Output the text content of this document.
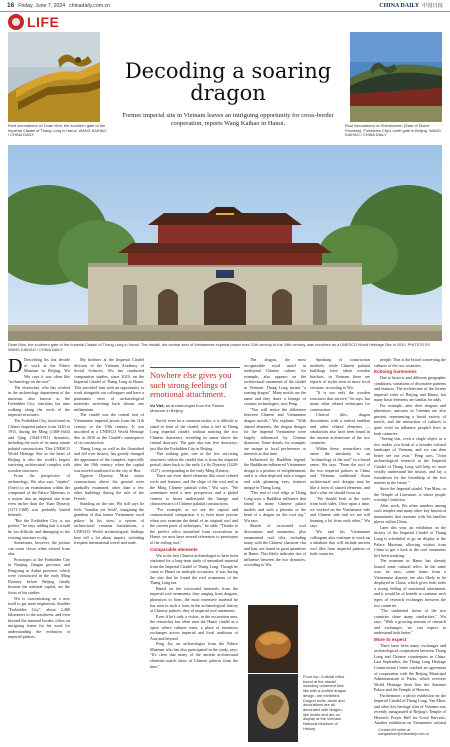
16 Friday, June 7, 2024 chinadaily.com.cn	CHINA DAILY 中国日报
LIFE
Roof decorations on Doan Mon, the southern gate of the Imperial Citadel of Thang Long in Hanoi. WANG KAIHAO / CHINA DAILY
Decoding a soaring dragon
Former imperial site in Vietnam leaves an intriguing opportunity for cross-border cooperation, reports Wang Kaihao in Hanoi.	Roof decorations on Shenwumen (Gate of Divine Prowess), Forbidden City's north gate in Beijing. WANG KAIHAO / CHINA DAILY
Doan Mon, the southern gate of the Imperial Citadel of Thang Long in Hanoi. The citadel, the central seat of Vietnamese imperial power from 11th century to the 19th century, was inscribed as a UNESCO World Heritage Site in 2010. PHOTOS BY WANG KAIHAO / CHINA DAILY

D Describing his last decade of work at the Palace Museum in Beijing, Wu Wei says it was often like "archaeology on the roof".

The researcher, who has worked in the archaeology department of the museum, also known as the Forbidden City, cherishes his time walking along the roofs of the imperial structures.

The Forbidden City, functioned as China's imperial palace from 1420 to 1911, during the Ming (1368-1644) and Qing (1644-1911) dynasties, including the roofs of its many ornate palatial constructions. This UNESCO World Heritage Site in the heart of Beijing is also the world's largest surviving architectural complex with wooden structures.

From the perspective of archaeology, Wu also says "repairs" (fixes) to an examination within the compound of the Palace Museum, is a reason that an imperial site from even earlier than the Yuan Dynasty (1271-1368) was probably buried beneath.

"But the Forbidden City is too perfect," he says, adding that it would be too difficult and damaging to the existing structure to dig.

Sometimes, however, the picture can come closer when viewed from afar.

Prototypes of the Forbidden City in Nanjing, Jiangsu province, and Fengyang in Anhui province, which were constructed in the early Ming Dynasty before Beijing finally became the national capital, are the focus of his studies.

Wu is concentrating on a new itself to get more inspiration. Another "Forbidden City", about 2,400 kilometers to the southwest, and even beyond the national border, offers an intriguing frame for his work for understanding the evolution of imperial palaces.

My brothers at the Imperial Citadel division of the Vietnam Academy of Social Sciences, Wu has conducted comparative studies, since 2019, on the Imperial Citadel of Thang Long in Hanoi. This provided him with an opportunity to work alongside our colleagues and have a panoramic view of archaeological materials stretching back almost one millennium.

The citadel was the central seat of Vietnamese imperial power from the 11th century to the 19th century. It was inscribed as a UNESCO World Heritage Site in 2010 as the Citadel's masterpiece of its construction.

Thang Long, as well as the flourished and fell over history, has greatly changed the appearance of the complex, especially after the 19th century when the capital was moved southward to the city of Hue.

Nguyen Dynasty. Most major constructions above the ground were gradually examined, other than a few other buildings during the rule of the French.

Standing on the site, Wu still says he feels "familiar yet fresh", imagining the grandeur of that former Vietnamese royal palace. In his view, a system of architectural remains foundations, a UNESCO World archaeological findings here tell a lot about impact, including frequent international travel and trade.

Nowhere else gives you such strong feelings of emotional attachment.
Vu Viet, an archaeologist from the Palace Museum in Beijing

Surely even for a common visitor, it is difficult to stand in front of the citadel, what is left in Thang Long imperial citadel, without noticing the two Chinese characters, revealing its name above the central doorway. The gate also has five doorways, just like the Forbidden City in Beijing.

This striking gate, one of the few surviving structures within the citadel that is from the imperial period, dates back to the early Le So Dynasty (1428-1527), corresponding to the early Ming Dynasty.

There are even dated elements like more refined roofs and features, and the slope of the roof and at the Ming Chinese palatial roles," Wu says. "We sometimes need a new perspective and a global context to better understand the lineage and characteristics of Chinese palatial constructions.

"For example, as we see the capital and constructional comparison it is even more precise when you examine the detail of an original roof and the current point of techniques," he adds. "Thanks to the perfect relics unearthed from excavations in Hanoi, we now have several references to prototypes of the ceiling roof."

Comparable elements

Wu is the first Chinese archaeologist to have been stationed for a long-term study of unearthed material from the Imperial Citadel of Thang Long. Though he came to Hanoi on multiple occasions, it was during the stay that he found the roof ornaments of the Thang Long era.

Based on the excavated materials from the imperial roof ornaments, they ranging from dragons, phoenixes to lions, the most extensive material he has seen in such a form in the archaeological history of Chinese palaces, they of imperial roof ornaments.

Even if he's only a visitor, in the excavation area, the researcher has often seen the Hanoi citadel as a space where cultures meet, a place of enormous exchanges across imperial and local traditions of Asia and beyond.

Peng Jia, an archaeologist from the Palace Museum who has also participated in the study, says: "It's clear that many of the ancient architectural elements match those of Chinese palaces from the time."

The dragon, the most recognizable royal motif in traditional Chinese culture, for example, also appears on the architectural ornaments of the citadel in Vietnam. Thang Long means "a soaring dragon". Many motifs are the same and they share a lineage of ceramic technologies, says Peng.

"You will notice the difference between Chinese and Vietnamese dragon motifs," Wu explains. "With shared elements, the dragon designs for the imperial Vietnamese were largely influenced by Chinese dynasties. Some details, for example, are unique to local preferences or interests at that time.

Influenced by Buddhist legend, the Buddhism-influenced Vietnamese design is a product of enlightenment, and it is often depicted with a tongue and with gleaming eyes, features unique to Thang Long.

"The end of roof ridge at Thang Long uses a Buddhist influence that found in many Chinese palace models and with a phoenix or the head of a dragon on the roof top," Wu says.

Shards of excavated roof decorations and ornaments, plus ornamented roof tiles, including many with the Chinese character chu and lian, are found in great quantities in Hanoi. This likely indicates ties of influence between the two dynasties, according to Wu.

From top: Cultural relics found at the citadel, including ornament tiles like with a crafted dragon design, are exhibited. Dragon roofs, ducts and decorations are all decorated with dragon-like motifs and are on display at the Vietnam National Museum of History.

Speaking of construction methods, while Chinese palatial buildings have taken wooden brackets, in Vietnam there are reports of styles seen in more local versions, according to Wu.

"It is not only the wooden structures that survive," he says, but many other related techniques for construction.

Clinical tiles, dragon decorations with a central emblem and other related elements — similarities also have been found in the ancient architecture of the two countries.

Within these, researchers can sense the similarity to an "archaeology of the roof" in a broad sense, Wu says. "From the roof of the two imperial palaces in China and Vietnam, traditional Asian architectural roof designs may be like a form of shared elements, and that's what we should focus on.

"We should look at the roofs from both sides. Once upon a time, we worked on the Vietnamese side and Chinese side and we are still learning a lot from each other," Wu says.

Wu and his Vietnamese colleagues also continue to work on a database that will include ancient roof tiles from imperial palaces of both countries.

people. That is the broad concerning the cultures of the two countries.

Echoing harmonies

Due to historic and different geographic conditions, variations of decorative patterns and features. The architecture of the former imperial cities of Beijing and Hanoi, but many basic elements are similar, he adds.

For example, after their dragons and phoenixes, unicorns in Vietnam are also present, representing a broad variety of motifs, and the interaction of cultures is quite vivid on influence people's lives in both countries.

"Seeing this, even a single object or a few makes you think of a broader cultural landscape of Vietnam, and we can then better see our own," Peng says. "Joint archaeological research at the Imperial Citadel of Thang Long will help us more vividly understand the history, and lay a foundation for the friendship of the two nations in the future."

Since the Imperial citadel, Van Mieu, or the Temple of Literature, is where people worship Confucius.

After work, Wu often wanders among such temples and many other key historical monuments that resonate with his familiar places within China.

Later this year, an exhibition on the history of the Imperial Citadel of Thang Long is scheduled to go on display at the Palace Museum, allowing visitors from China to get a look at the roof ornaments he's been studying.

The museum in Hanoi has already loaned some cultural relics. In the same way, he says, some items from a Vietnamese dynasty are also likely to be displayed in China, which gives both sides a strong feeling of emotional attachment, and it would be of benefit to continue such types of research exchanges between the two countries.

"The traditional forms of the two countries share many similarities," Wu says. "With a growing amount of research and exchanges, we can expect to understand both better."

More to expect

There have been many exchanges and archaeological cooperation between Thang Long and Chinese counterparts in China. Last September, the Thang Long Heritage Conservation Center reached an agreement of cooperation with the Beijing Municipal Administration of Parks, which oversees World Heritage Sites like the Summer Palace and the Temple of Heaven.

Furthermore, a photo exhibition on the Imperial Citadel of Thang Long, Van Mieu, and other key heritage sites of Vietnam was recently inaugurated at Beijing's Temple of Heaven's Prayer Hall for Good Harvests. Another exhibition on Vietnamese cultural

Contact the writer at wangkaihao@chinadaily.com.cn
